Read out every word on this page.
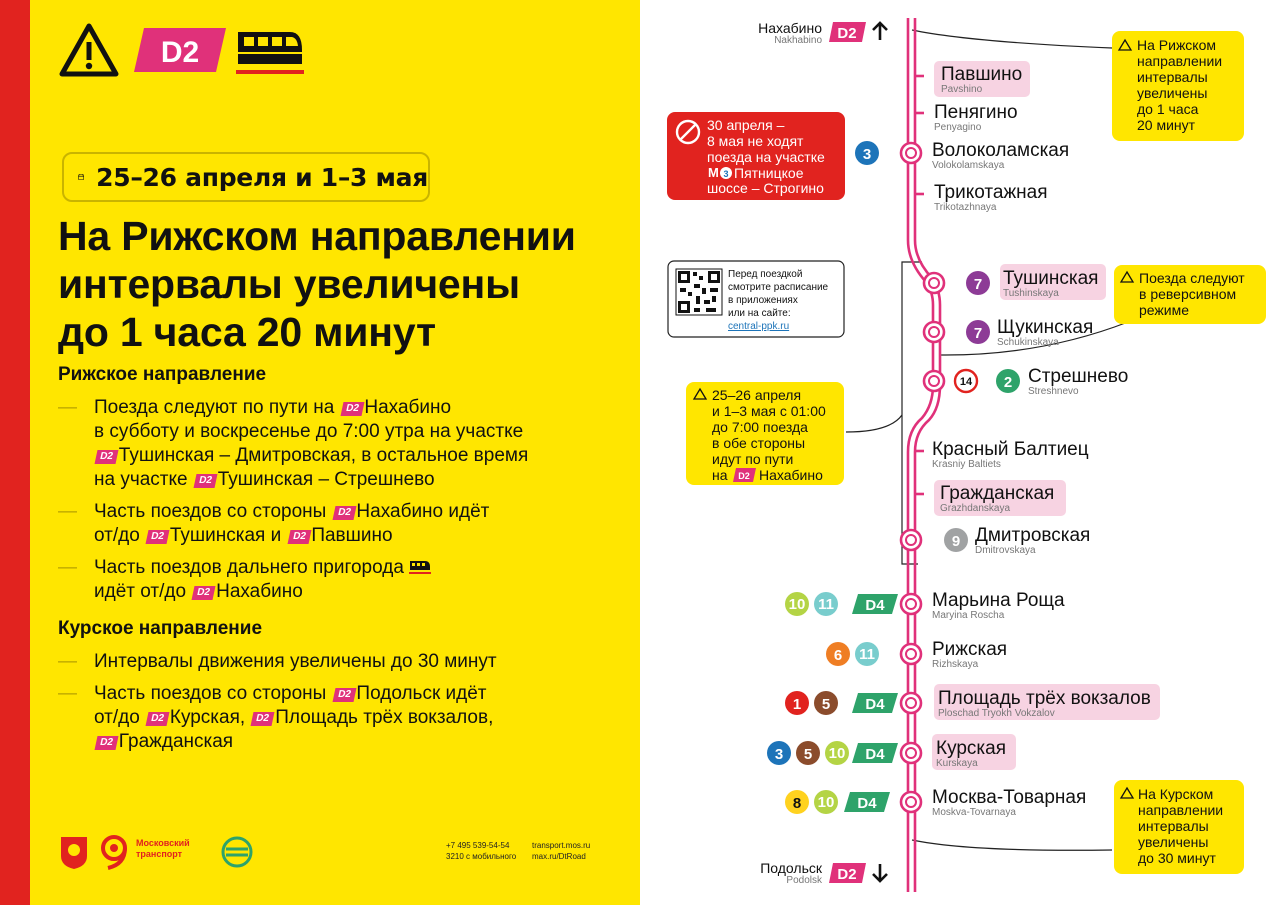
D2
25–26 апреля и 1–3 мая
На Рижском направлении
интервалы увеличены
до 1 часа 20 минут
Рижское направление
— Поезда следуют по пути на D2 Нахабино
в субботу и воскресенье до 7:00 утра на участке
D2 Тушинская – Дмитровская, в остальное время
на участке D2 Тушинская – Стрешнево
— Часть поездов со стороны D2 Нахабино идёт
от/до D2 Тушинская и D2 Павшино
— Часть поездов дальнего пригорода
идёт от/до D2 Нахабино
Курское направление
— Интервалы движения увеличены до 30 минут
— Часть поездов со стороны D2 Подольск идёт
от/до D2 Курская, D2 Площадь трёх вокзалов,
D2 Гражданская
Московский
транспорт
+7 495 539-54-54
3210 с мобильного
transport.mos.ru
max.ru/DtRoad
Нахабино
Nakhabino D2
Подольск
Podolsk D2
Павшино
Pavshino
Пенягино
Penyagino
3	Волоколамская
Volokolamskaya
Трикотажная
Trikotazhnaya
7 Тушинская
Tushinskaya
7 Щукинская
Schukinskaya
14 2 Стрешнево
Streshnevo
Красный Балтиец
Krasniy Baltiets
Гражданская
Grazhdanskaya
9 Дмитровская
Dmitrovskaya
10 11 D4 Марьина Роща
Maryina Roscha
6 11	Рижская
Rizhskaya
1 5 D4	Площадь трёх вокзалов
Ploschad Tryokh Vokzalov
3 5 10 D4	Курская
Kurskaya
8 10 D4	Москва-Товарная
Moskva-Tovarnaya
На Рижском
направлении
интервалы
увеличены
до 1 часа
20 минут
Поезда следуют
в реверсивном
режиме
30 апреля –
8 мая не ходят
поезда на участке
M 3 Пятницкое
шоссе – Строгино
Перед поездкой
смотрите расписание
в приложениях
или на сайте:
central-ppk.ru
25–26 апреля
и 1–3 мая с 01:00
до 7:00 поезда
в обе стороны
идут по пути
на D2 Нахабино
На Курском
направлении
интервалы
увеличены
до 30 минут
